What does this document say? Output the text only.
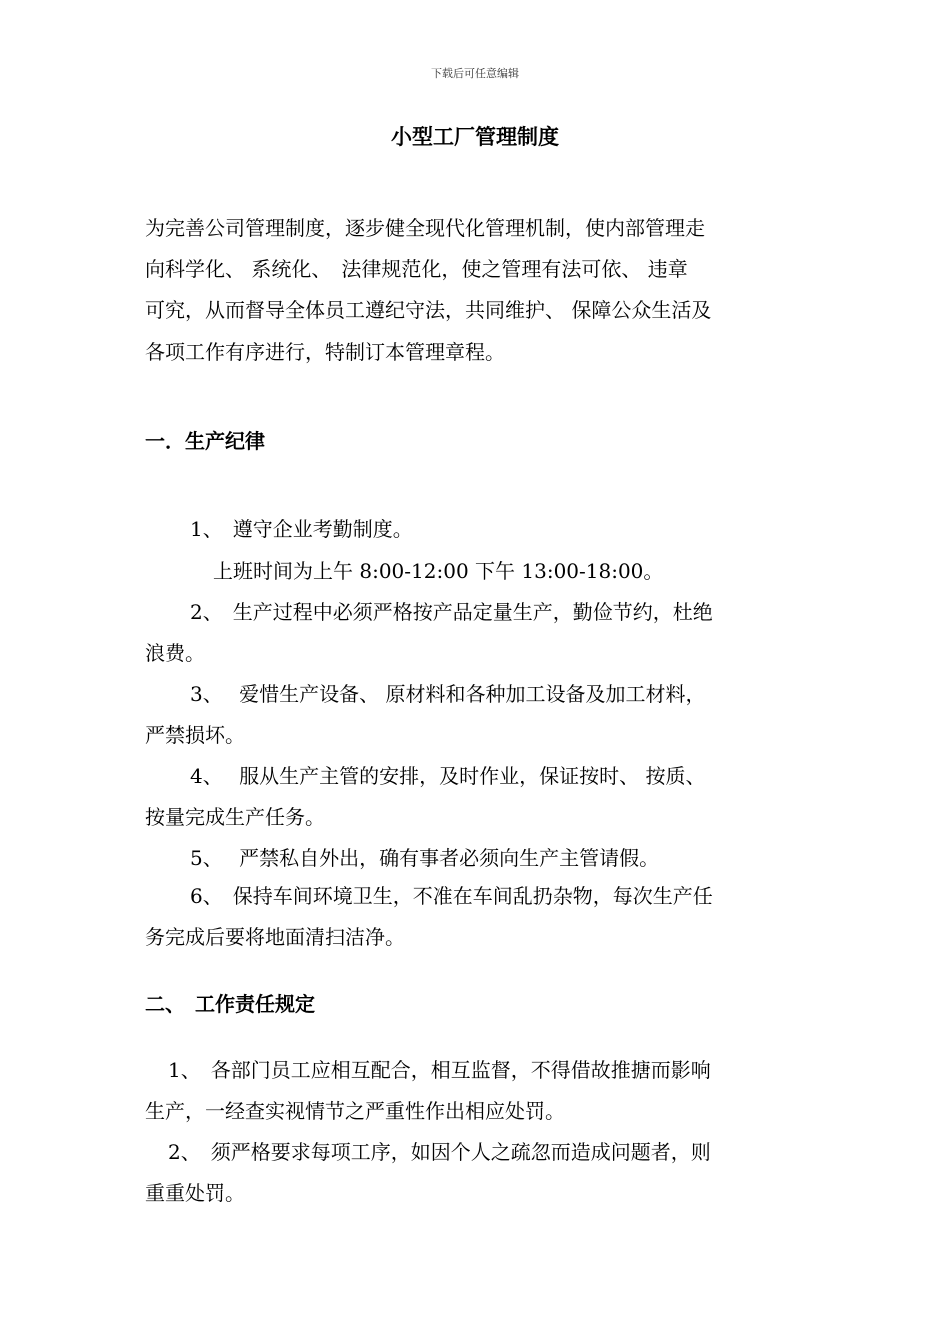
下载后可任意编辑
小型工厂管理制度
为完善公司管理制度，逐步健全现代化管理机制，使内部管理走
向科学化、 系统化、　法律规范化，使之管理有法可依、 违章
可究，从而督导全体员工遵纪守法，共同维护、 保障公众生活及
各项工作有序进行，特制订本管理章程。
一．生产纪律
1、　遵守企业考勤制度。
上班时间为上午 8:00-12:00 下午 13:00-18:00。
2、　生产过程中必须严格按产品定量生产，勤俭节约，杜绝
浪费。
3、　 爱惜生产设备、 原材料和各种加工设备及加工材料，
严禁损坏。
4、　 服从生产主管的安排，及时作业，保证按时、 按质、
按量完成生产任务。
5、　 严禁私自外出，确有事者必须向生产主管请假。
6、　保持车间环境卫生，不准在车间乱扔杂物，每次生产任
务完成后要将地面清扫洁净。
二、　工作责任规定
1、　各部门员工应相互配合，相互监督，不得借故推搪而影响
生产，一经查实视情节之严重性作出相应处罚。
2、　须严格要求每项工序，如因个人之疏忽而造成问题者，则
重重处罚。
